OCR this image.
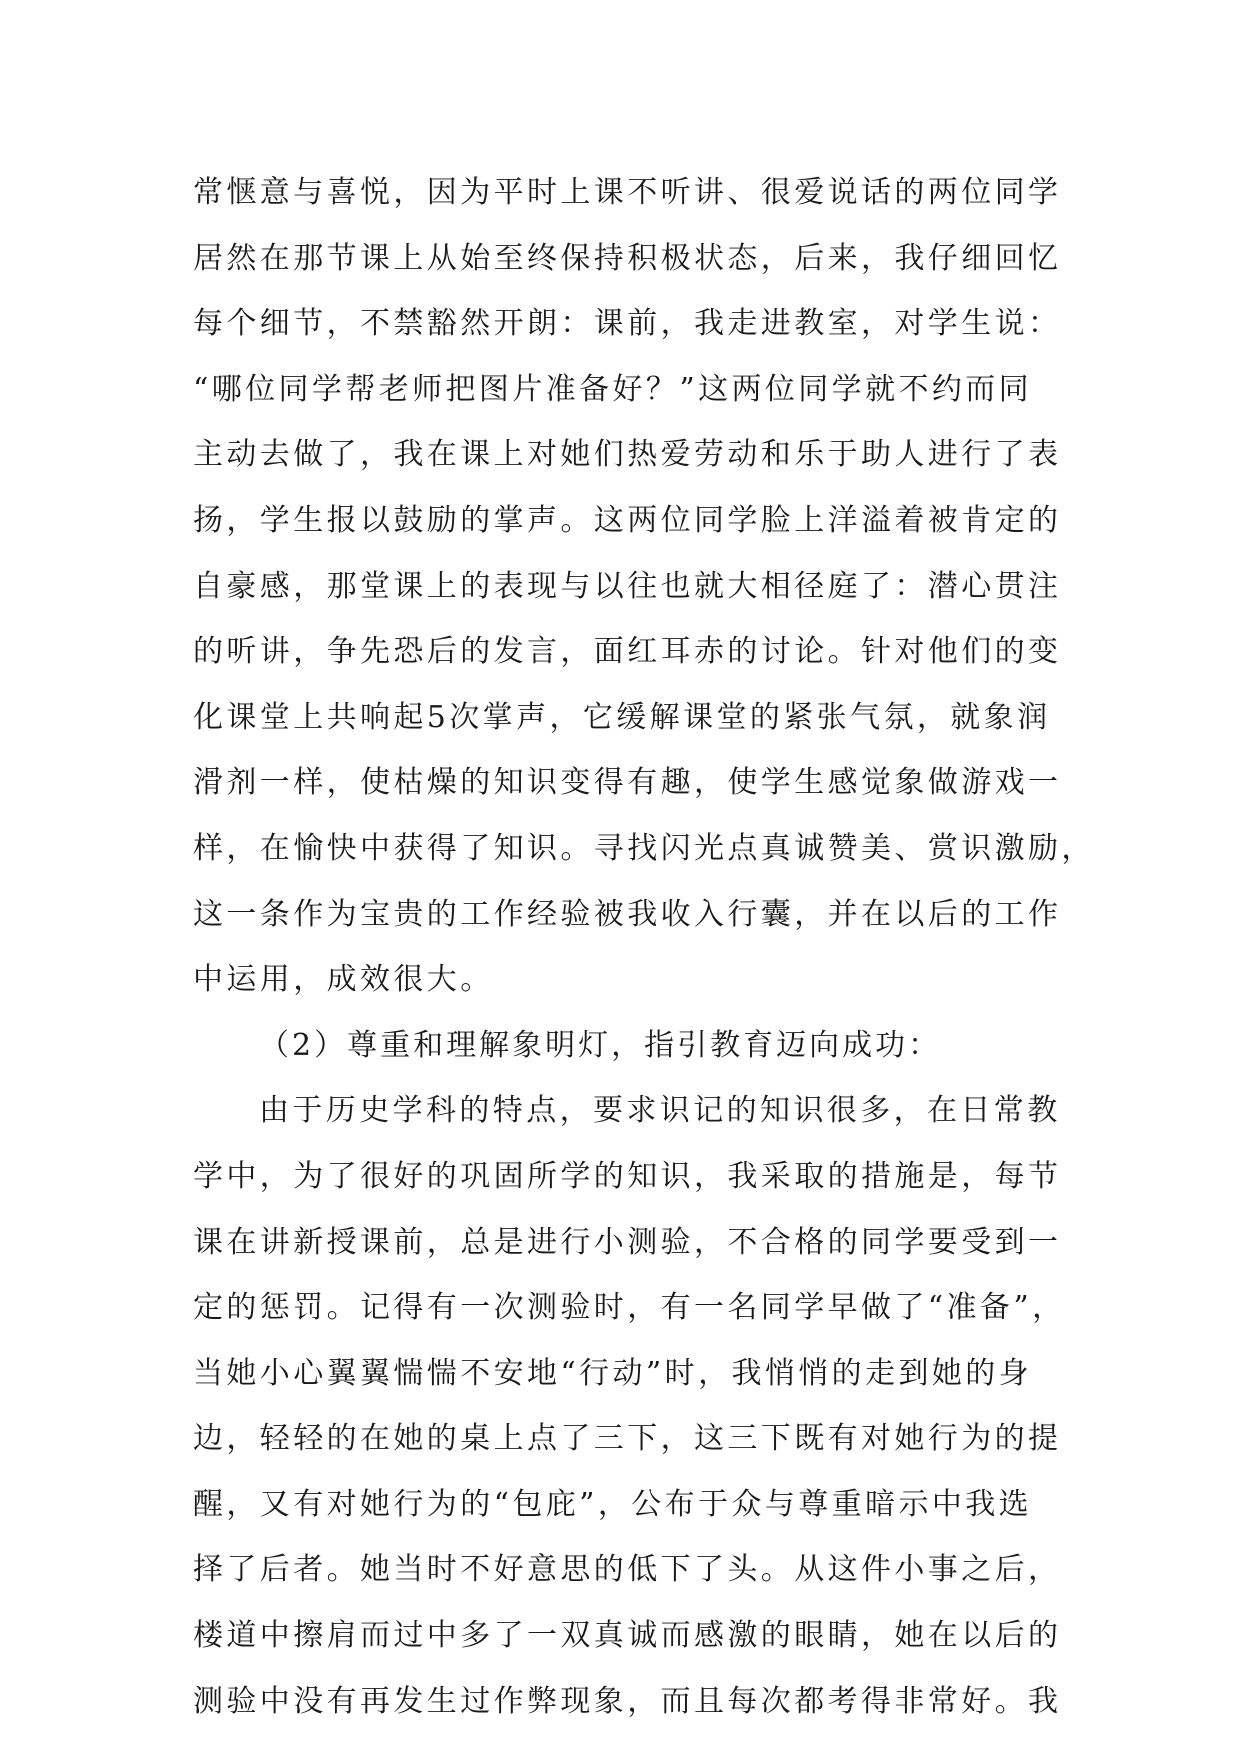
常惬意与喜悦，因为平时上课不听讲、很爱说话的两位同学
居然在那节课上从始至终保持积极状态，后来，我仔细回忆
每个细节，不禁豁然开朗：课前，我走进教室，对学生说：
“哪位同学帮老师把图片准备好？”这两位同学就不约而同
主动去做了，我在课上对她们热爱劳动和乐于助人进行了表
扬，学生报以鼓励的掌声。这两位同学脸上洋溢着被肯定的
自豪感，那堂课上的表现与以往也就大相径庭了：潜心贯注
的听讲，争先恐后的发言，面红耳赤的讨论。针对他们的变
化课堂上共响起5次掌声，它缓解课堂的紧张气氛，就象润
滑剂一样，使枯燥的知识变得有趣，使学生感觉象做游戏一
样，在愉快中获得了知识。寻找闪光点真诚赞美、赏识激励，
这一条作为宝贵的工作经验被我收入行囊，并在以后的工作
中运用，成效很大。
（2）尊重和理解象明灯，指引教育迈向成功：
由于历史学科的特点，要求识记的知识很多，在日常教
学中，为了很好的巩固所学的知识，我采取的措施是，每节
课在讲新授课前，总是进行小测验，不合格的同学要受到一
定的惩罚。记得有一次测验时，有一名同学早做了“准备”，
当她小心翼翼惴惴不安地“行动”时，我悄悄的走到她的身
边，轻轻的在她的桌上点了三下，这三下既有对她行为的提
醒，又有对她行为的“包庇”，公布于众与尊重暗示中我选
择了后者。她当时不好意思的低下了头。从这件小事之后，
楼道中擦肩而过中多了一双真诚而感激的眼睛，她在以后的
测验中没有再发生过作弊现象，而且每次都考得非常好。我
